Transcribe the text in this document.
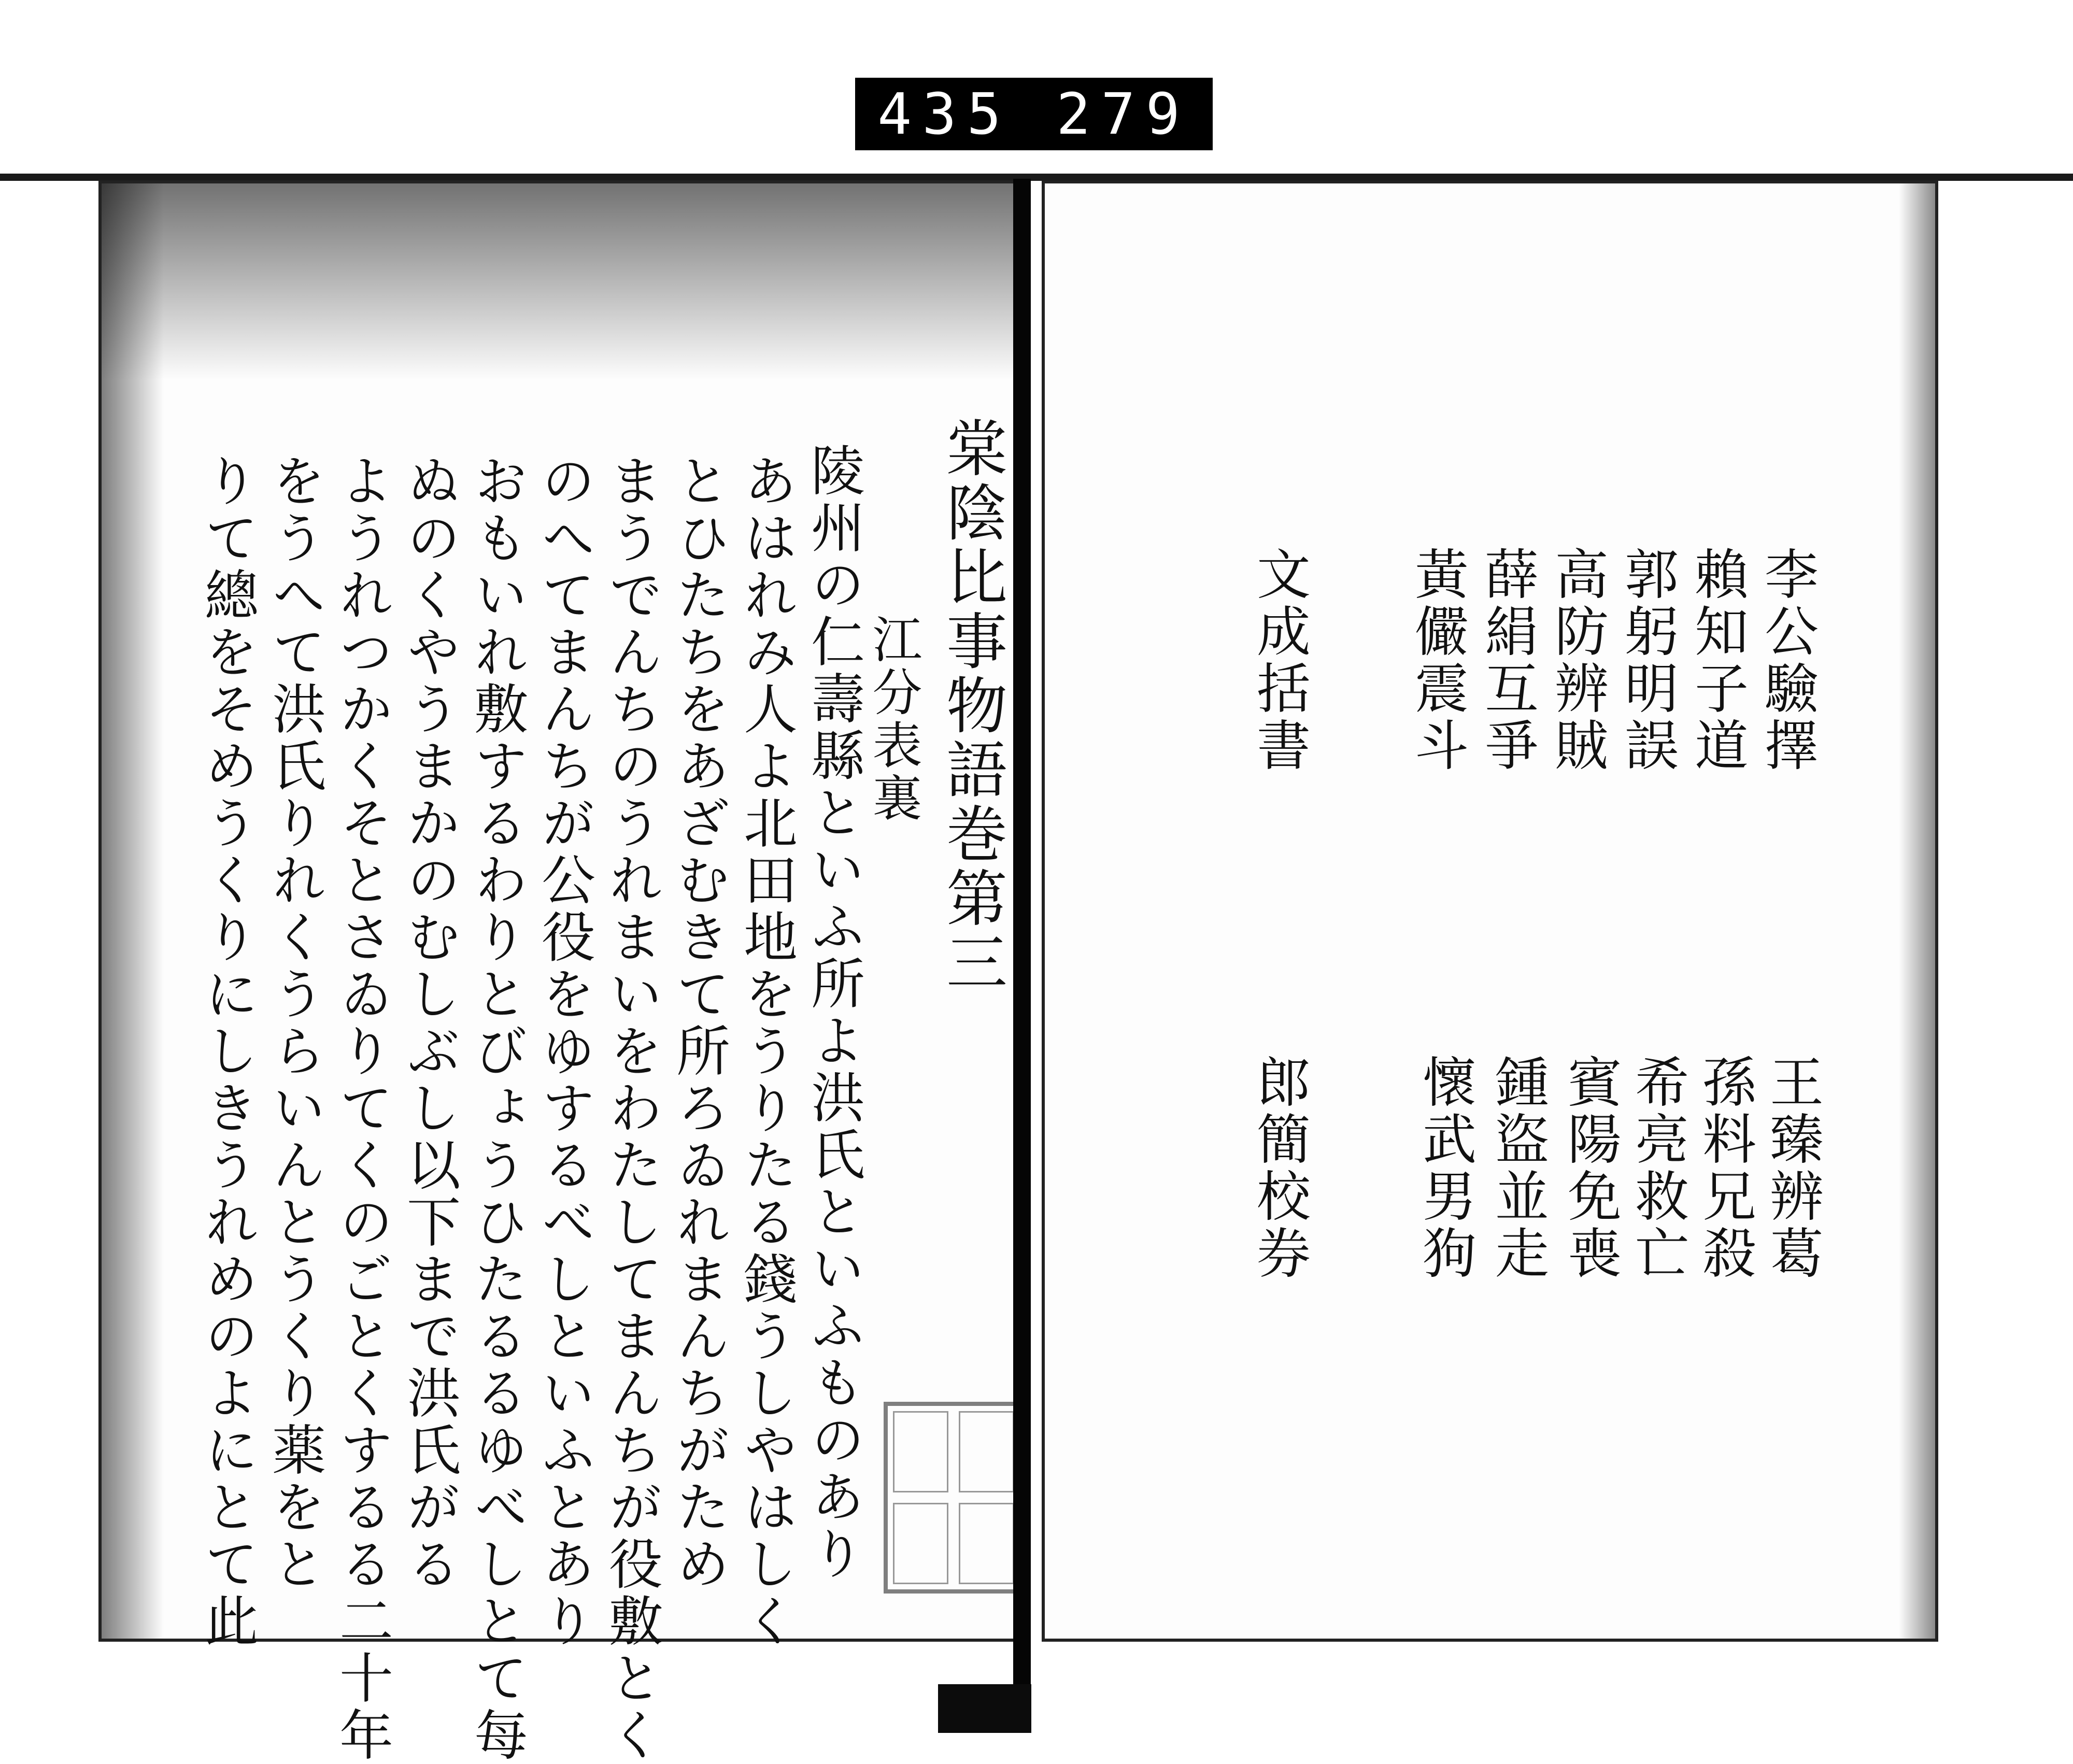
435 279
棠陰比事物語巻第三
江分表裏
陵州の仁壽縣といふ所よ洪氏といふものあり
あはれみ人よ北田地をうりたる錢うしやはしく
とひたちをあざむきて所ろゐれまんちがため
まうでんちのうれまいをわたしてまんちが役敷とく
のへてまんちが公役をゆするべしといふとあり
おもいれ敷するわりとびょうひたるるゆべしとて每
ぬのくやうまかのむしぶし以下まで洪氏がる
ようれつかくそとさゐりてくのごとくするる二十年
をうへて洪氏りれくうらいんとうくり薬をと
りて總をそめうくりにしきうれめのよにとて此	李公驗擇
賴知子道
郭躬明誤
高防辨賊
薛絹互爭
黃儼震斗
文成括書
王臻辨葛
孫料兄殺
希亮救亡
賓陽免喪
鍾盜並走
懷武男狗
郎簡校券
